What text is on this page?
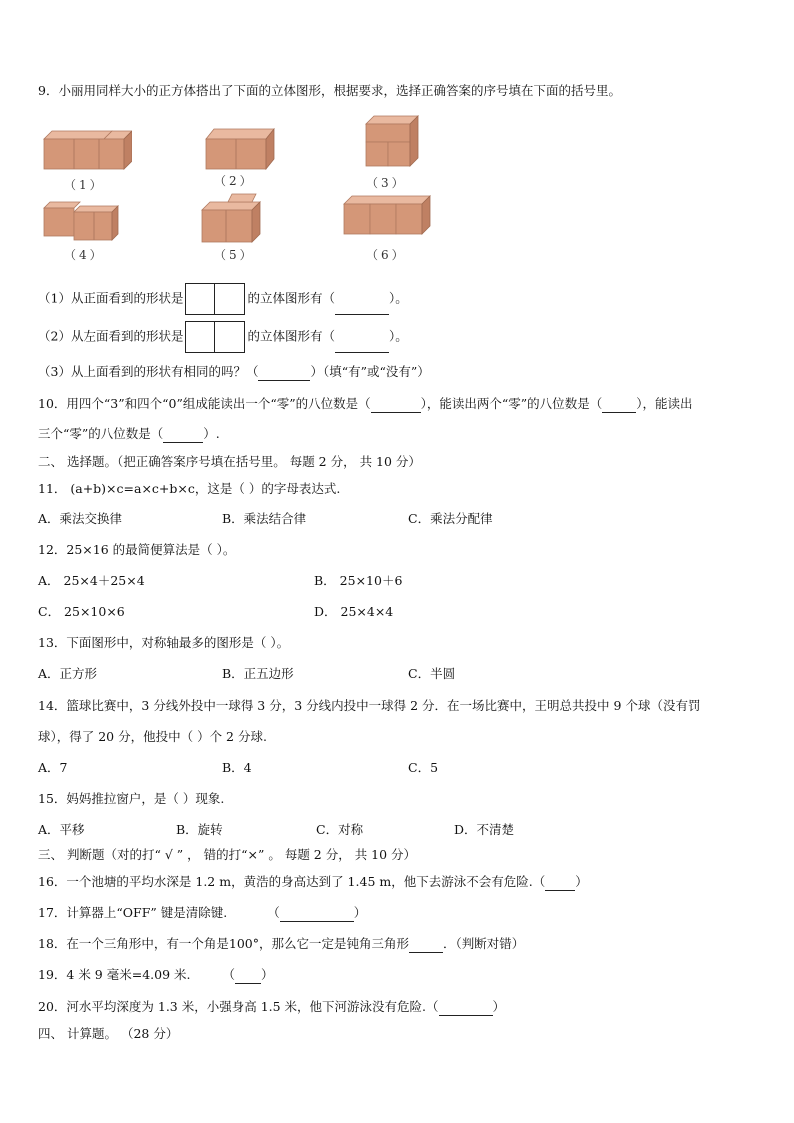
9．小丽用同样大小的正方体搭出了下面的立体图形，根据要求，选择正确答案的序号填在下面的括号里。
（1）	（2）	（3）
（4）	（5）	（6）
（1）从正面看到的形状是	的立体图形有（	）。
（2）从左面看到的形状是	的立体图形有（	）。
（3）从上面看到的形状有相同的吗？（	）（填“有”或“没有”）
10．用四个“3”和四个“0”组成能读出一个“零”的八位数是（	），能读出两个“零”的八位数是（	），能读出
三个“零”的八位数是（	）.
二、 选择题。（把正确答案序号填在括号里。 每题 2 分， 共 10 分）
11． (a+b)×c=a×c+b×c，这是（ ）的字母表达式.
A．乘法交换律	B．乘法结合律	C．乘法分配律
12．25×16 的最简便算法是（ ）。
A． 25×4＋25×4	B． 25×10＋6
C． 25×10×6	D． 25×4×4
13．下面图形中，对称轴最多的图形是（ ）。
A．正方形	B．正五边形	C．半圆
14．篮球比赛中，3 分线外投中一球得 3 分，3 分线内投中一球得 2 分．在一场比赛中，王明总共投中 9 个球（没有罚
球），得了 20 分，他投中（ ）个 2 分球.
A．7	B．4	C．5
15．妈妈推拉窗户，是（ ）现象.
A．平移	B．旋转	C．对称	D．不清楚
三、 判断题（对的打“ √ ” ， 错的打“×” 。 每题 2 分， 共 10 分）
16．一个池塘的平均水深是 1.2 m，黄浩的身高达到了 1.45 m，他下去游泳不会有危险.（ ）
17．计算器上“OFF” 键是清除键.	（	）
18．在一个三角形中，有一个角是100°，那么它一定是钝角三角形	．（判断对错）
19．4 米 9 毫米=4.09 米.	（ ）
20．河水平均深度为 1.3 米，小强身高 1.5 米，他下河游泳没有危险.（	）
四、 计算题。 （28 分）
